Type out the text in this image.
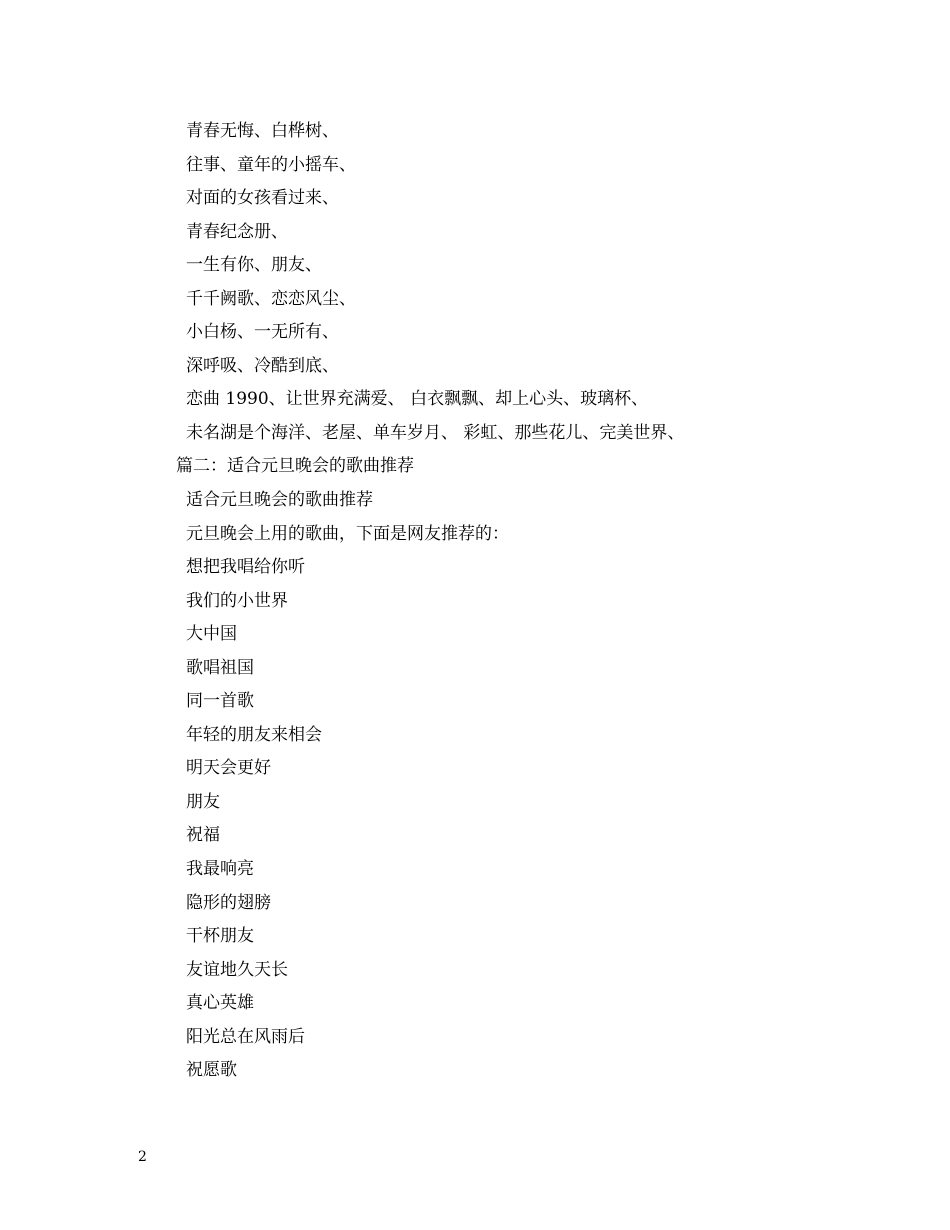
青春无悔、白桦树、
往事、童年的小摇车、
对面的女孩看过来、
青春纪念册、
一生有你、朋友、
千千阙歌、恋恋风尘、
小白杨、一无所有、
深呼吸、冷酷到底、
恋曲 1990、让世界充满爱、 白衣飘飘、却上心头、玻璃杯、
未名湖是个海洋、老屋、单车岁月、 彩虹、那些花儿、完美世界、
篇二：适合元旦晚会的歌曲推荐
适合元旦晚会的歌曲推荐
元旦晚会上用的歌曲，下面是网友推荐的：
想把我唱给你听
我们的小世界
大中国
歌唱祖国
同一首歌
年轻的朋友来相会
明天会更好
朋友
祝福
我最响亮
隐形的翅膀
干杯朋友
友谊地久天长
真心英雄
阳光总在风雨后
祝愿歌
2
